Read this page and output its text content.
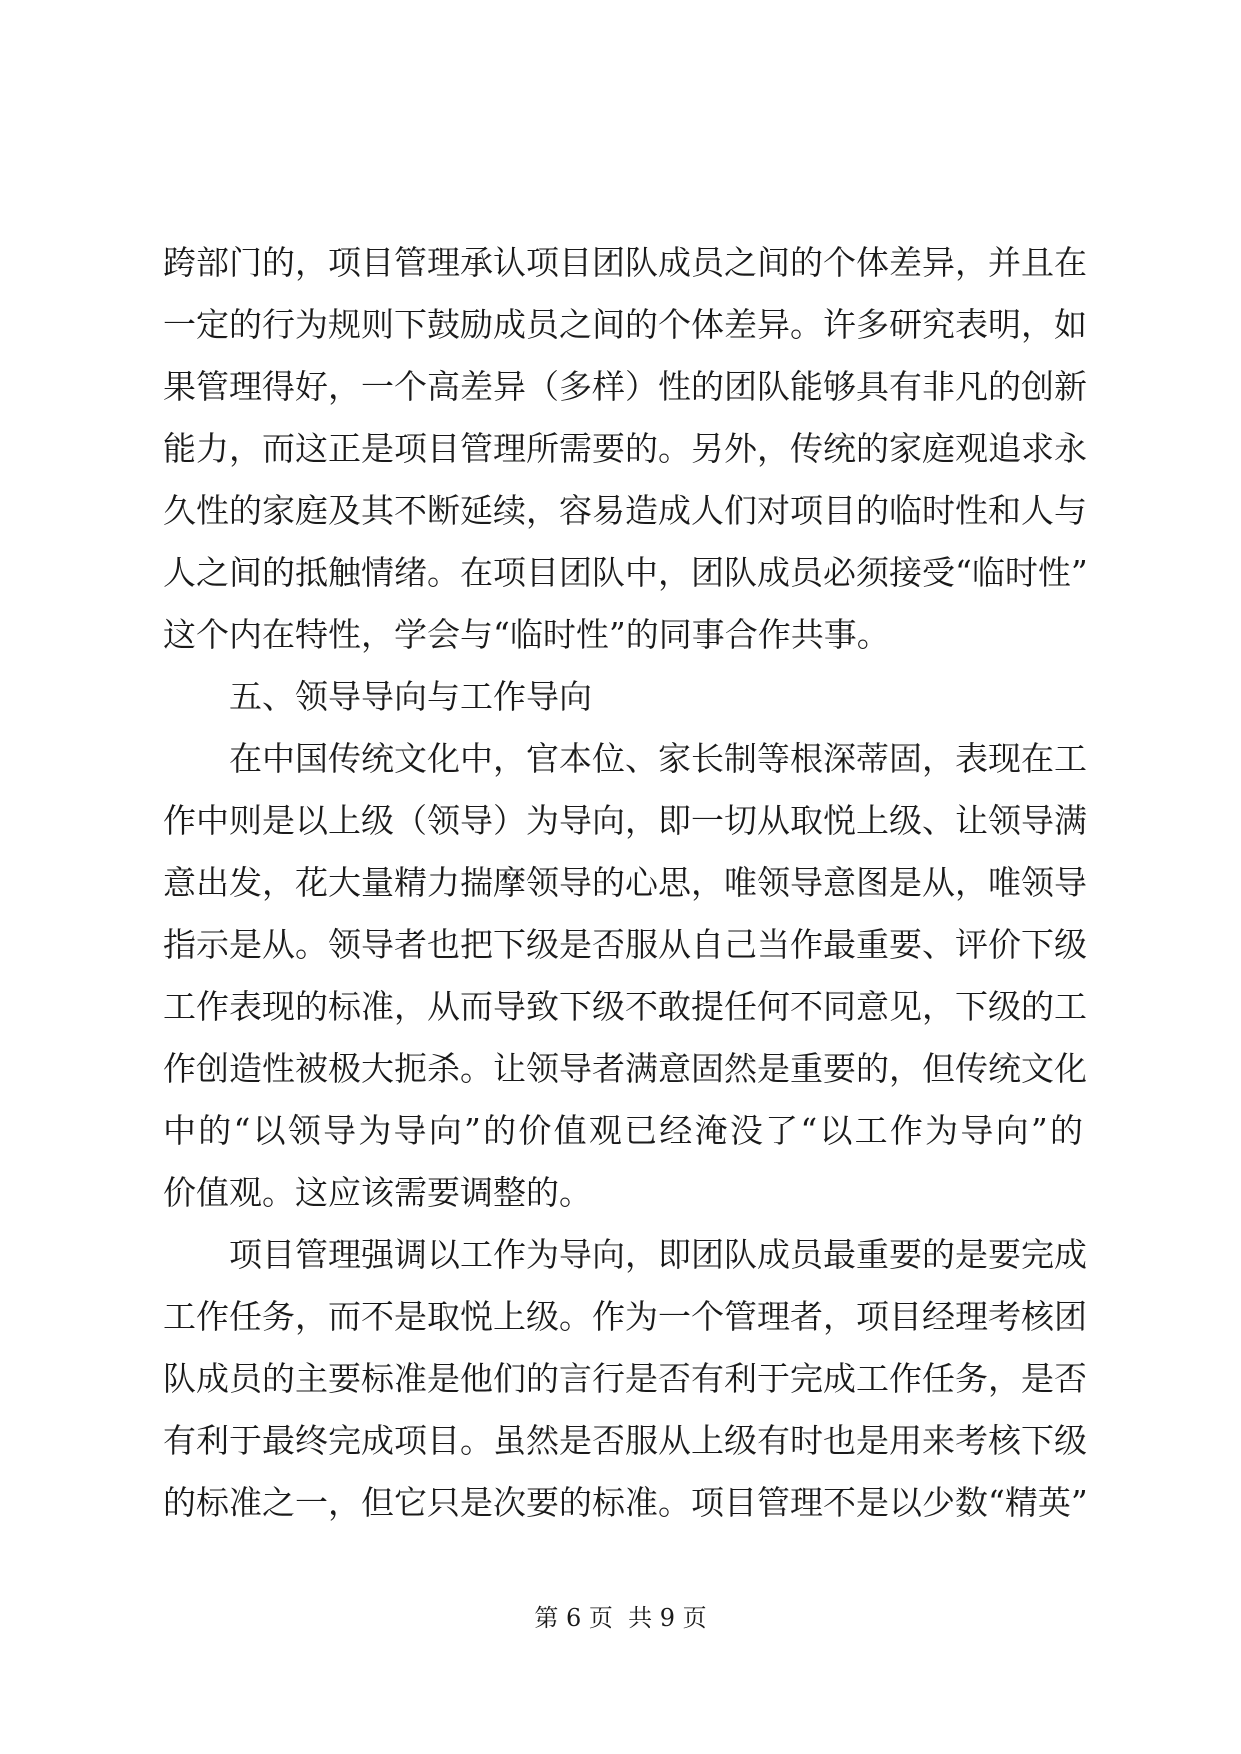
跨部门的，项目管理承认项目团队成员之间的个体差异，并且在
一定的行为规则下鼓励成员之间的个体差异。许多研究表明，如
果管理得好，一个高差异（多样）性的团队能够具有非凡的创新
能力，而这正是项目管理所需要的。另外，传统的家庭观追求永
久性的家庭及其不断延续，容易造成人们对项目的临时性和人与
人之间的抵触情绪。在项目团队中，团队成员必须接受“临时性”
这个内在特性，学会与“临时性”的同事合作共事。
五、领导导向与工作导向
在中国传统文化中，官本位、家长制等根深蒂固，表现在工
作中则是以上级（领导）为导向，即一切从取悦上级、让领导满
意出发，花大量精力揣摩领导的心思，唯领导意图是从，唯领导
指示是从。领导者也把下级是否服从自己当作最重要、评价下级
工作表现的标准，从而导致下级不敢提任何不同意见，下级的工
作创造性被极大扼杀。让领导者满意固然是重要的，但传统文化
中的“以领导为导向”的价值观已经淹没了“以工作为导向”的
价值观。这应该需要调整的。
项目管理强调以工作为导向，即团队成员最重要的是要完成
工作任务，而不是取悦上级。作为一个管理者，项目经理考核团
队成员的主要标准是他们的言行是否有利于完成工作任务，是否
有利于最终完成项目。虽然是否服从上级有时也是用来考核下级
的标准之一，但它只是次要的标准。项目管理不是以少数“精英”
第 6 页  共 9 页
